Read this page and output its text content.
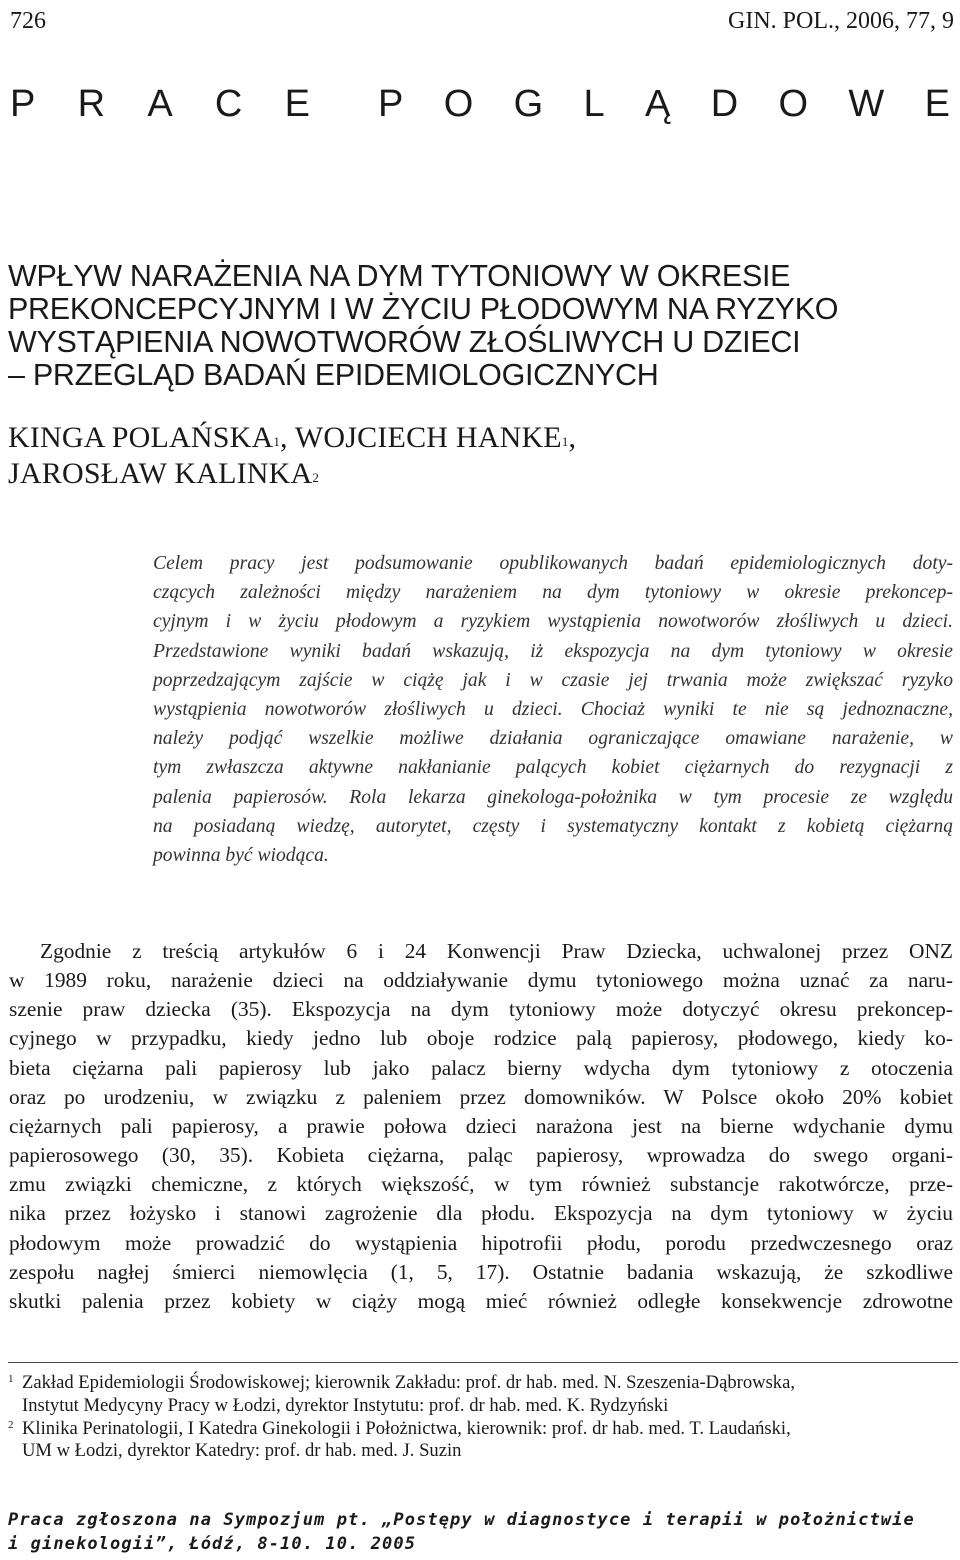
726	GIN. POL., 2006, 77, 9
P R A C E P O G L Ą D O W E
WPŁYW NARAŻENIA NA DYM TYTONIOWY W OKRESIE
PREKONCEPCYJNYM I W ŻYCIU PŁODOWYM NA RYZYKO
WYSTĄPIENIA NOWOTWORÓW ZŁOŚLIWYCH U DZIECI
– PRZEGLĄD BADAŃ EPIDEMIOLOGICZNYCH
KINGA POLAŃSKA$^1$, WOJCIECH HANKE$^1$,
JAROSŁAW KALINKA$^2$
Celem pracy jest podsumowanie opublikowanych badań epidemiologicznych doty-
czących zależności między narażeniem na dym tytoniowy w okresie prekoncep-
cyjnym i w życiu płodowym a ryzykiem wystąpienia nowotworów złośliwych u dzieci.
Przedstawione wyniki badań wskazują, iż ekspozycja na dym tytoniowy w okresie
poprzedzającym zajście w ciążę jak i w czasie jej trwania może zwiększać ryzyko
wystąpienia nowotworów złośliwych u dzieci. Chociaż wyniki te nie są jednoznaczne,
należy podjąć wszelkie możliwe działania ograniczające omawiane narażenie, w
tym zwłaszcza aktywne nakłanianie palących kobiet ciężarnych do rezygnacji z
palenia papierosów. Rola lekarza ginekologa-położnika w tym procesie ze względu
na posiadaną wiedzę, autorytet, częsty i systematyczny kontakt z kobietą ciężarną
powinna być wiodąca.
Zgodnie z treścią artykułów 6 i 24 Konwencji Praw Dziecka, uchwalonej przez ONZ
w 1989 roku, narażenie dzieci na oddziaływanie dymu tytoniowego można uznać za naru-
szenie praw dziecka (35). Ekspozycja na dym tytoniowy może dotyczyć okresu prekoncep-
cyjnego w przypadku, kiedy jedno lub oboje rodzice palą papierosy, płodowego, kiedy ko-
bieta ciężarna pali papierosy lub jako palacz bierny wdycha dym tytoniowy z otoczenia
oraz po urodzeniu, w związku z paleniem przez domowników. W Polsce około 20% kobiet
ciężarnych pali papierosy, a prawie połowa dzieci narażona jest na bierne wdychanie dymu
papierosowego (30, 35). Kobieta ciężarna, paląc papierosy, wprowadza do swego organi-
zmu związki chemiczne, z których większość, w tym również substancje rakotwórcze, prze-
nika przez łożysko i stanowi zagrożenie dla płodu. Ekspozycja na dym tytoniowy w życiu
płodowym może prowadzić do wystąpienia hipotrofii płodu, porodu przedwczesnego oraz
zespołu nagłej śmierci niemowlęcia (1, 5, 17). Ostatnie badania wskazują, że szkodliwe
skutki palenia przez kobiety w ciąży mogą mieć również odległe konsekwencje zdrowotne
1 Zakład Epidemiologii Środowiskowej; kierownik Zakładu: prof. dr hab. med. N. Szeszenia-Dąbrowska,
Instytut Medycyny Pracy w Łodzi, dyrektor Instytutu: prof. dr hab. med. K. Rydzyński
2 Klinika Perinatologii, I Katedra Ginekologii i Położnictwa, kierownik: prof. dr hab. med. T. Laudański,
UM w Łodzi, dyrektor Katedry: prof. dr hab. med. J. Suzin
Praca zgłoszona na Sympozjum pt. „Postępy w diagnostyce i terapii w położnictwie
i ginekologii”, Łódź, 8-10. 10. 2005
